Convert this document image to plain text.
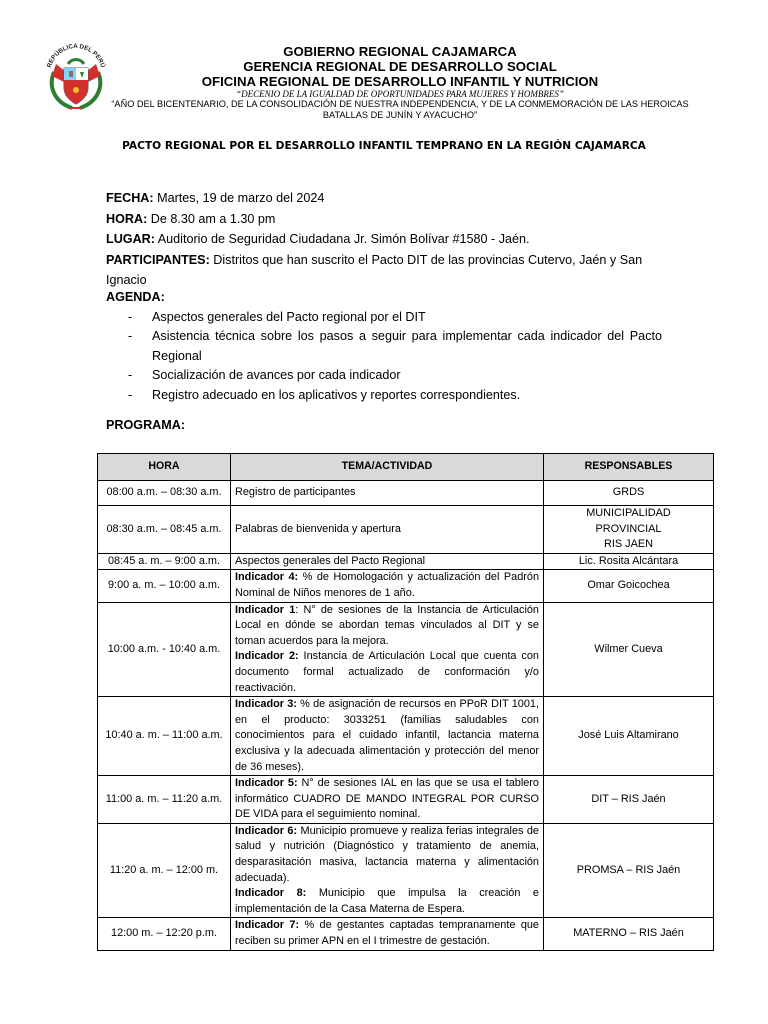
REPÚBLICA DEL PERÚ
GOBIERNO REGIONAL CAJAMARCA
GERENCIA REGIONAL DE DESARROLLO SOCIAL
OFICINA REGIONAL DE DESARROLLO INFANTIL Y NUTRICION
“DECENIO DE LA IGUALDAD DE OPORTUNIDADES PARA MUJERES Y HOMBRES”
“AÑO DEL BICENTENARIO, DE LA CONSOLIDACIÓN DE NUESTRA INDEPENDENCIA, Y DE LA CONMEMORACIÓN DE LAS HEROICAS
BATALLAS DE JUNÍN Y AYACUCHO”
PACTO REGIONAL POR EL DESARROLLO INFANTIL TEMPRANO EN LA REGIÓN CAJAMARCA
FECHA: Martes, 19 de marzo del 2024
HORA: De 8.30 am a 1.30 pm
LUGAR: Auditorio de Seguridad Ciudadana Jr. Simón Bolívar #1580 - Jaén.
PARTICIPANTES: Distritos que han suscrito el Pacto DIT de las provincias Cutervo, Jaén y San Ignacio
AGENDA:
- Aspectos generales del Pacto regional por el DIT
- Asistencia técnica sobre los pasos a seguir para implementar cada indicador del Pacto Regional
- Socialización de avances por cada indicador
- Registro adecuado en los aplicativos y reportes correspondientes.
PROGRAMA:
HORA	TEMA/ACTIVIDAD	RESPONSABLES
08:00 a.m. – 08:30 a.m.	Registro de participantes	GRDS
08:30 a.m. – 08:45 a.m.	Palabras de bienvenida y apertura	MUNICIPALIDAD
PROVINCIAL
RIS JAEN

08:45 a. m. – 9:00 a.m.	Aspectos generales del Pacto Regional	Lic. Rosita Alcántara
9:00 a. m. – 10:00 a.m.	Indicador 4: % de Homologación y actualización del Padrón Nominal de Niños menores de 1 año.	Omar Goicochea
10:00 a.m. - 10:40 a.m.	Indicador 1: N° de sesiones de la Instancia de Articulación Local en dónde se abordan temas vinculados al DIT y se toman acuerdos para la mejora.
Indicador 2: Instancia de Articulación Local que cuenta con documento formal actualizado de conformación y/o reactivación.	Wilmer Cueva
10:40 a. m. – 11:00 a.m.	Indicador 3: % de asignación de recursos en PPoR DIT 1001, en el producto: 3033251 (familias saludables con conocimientos para el cuidado infantil, lactancia materna exclusiva y la adecuada alimentación y protección del menor de 36 meses).	José Luis Altamirano
11:00 a. m. – 11:20 a.m.	Indicador 5: N° de sesiones IAL en las que se usa el tablero informático CUADRO DE MANDO INTEGRAL POR CURSO DE VIDA para el seguimiento nominal.	DIT – RIS Jaén
11:20 a. m. – 12:00 m.	Indicador 6: Municipio promueve y realiza ferias integrales de salud y nutrición (Diagnóstico y tratamiento de anemia, desparasitación masiva, lactancia materna y alimentación adecuada).
Indicador 8: Municipio que impulsa la creación e implementación de la Casa Materna de Espera.	PROMSA – RIS Jaén
12:00 m. – 12:20 p.m.	Indicador 7: % de gestantes captadas tempranamente que reciben su primer APN en el I trimestre de gestación.	MATERNO – RIS Jaén
